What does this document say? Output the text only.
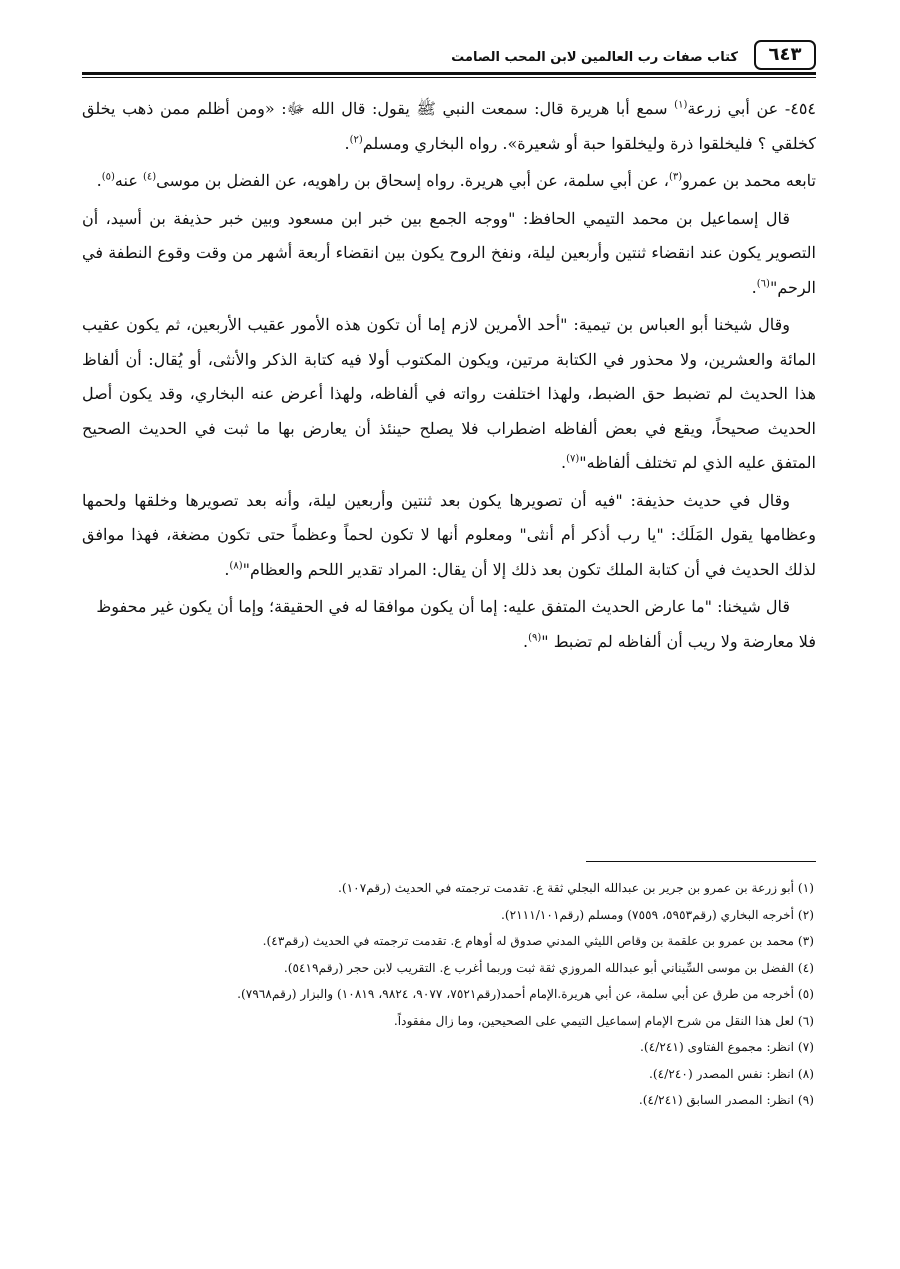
٦٤٣
كتاب صفات رب العالمين لابن المحب الصامت

٤٥٤- عن أبي زرعة$^{(١)}$ سمع أبا هريرة قال: سمعت النبي ﷺ يقول: قال الله ﷻ: «ومن أظلم ممن ذهب يخلق كخلقي ؟ فليخلقوا ذرة وليخلقوا حبة أو شعيرة». رواه البخاري ومسلم$^{(٢)}$.

تابعه محمد بن عمرو$^{(٣)}$، عن أبي سلمة، عن أبي هريرة. رواه إسحاق بن راهويه، عن الفضل بن موسى$^{(٤)}$ عنه$^{(٥)}$.

قال إسماعيل بن محمد التيمي الحافظ: "ووجه الجمع بين خبر ابن مسعود وبين خبر حذيفة بن أسيد، أن التصوير يكون عند انقضاء ثنتين وأربعين ليلة، ونفخ الروح يكون بين انقضاء أربعة أشهر من وقت وقوع النطفة في الرحم"$^{(٦)}$.

وقال شيخنا أبو العباس بن تيمية: "أحد الأمرين لازم إما أن تكون هذه الأمور عقيب الأربعين، ثم يكون عقيب المائة والعشرين، ولا محذور في الكتابة مرتين، ويكون المكتوب أولا فيه كتابة الذكر والأنثى، أو يُقال: أن ألفاظ هذا الحديث لم تضبط حق الضبط، ولهذا اختلفت رواته في ألفاظه، ولهذا أعرض عنه البخاري، وقد يكون أصل الحديث صحيحاً، ويقع في بعض ألفاظه اضطراب فلا يصلح حينئذ أن يعارض بها ما ثبت في الحديث الصحيح المتفق عليه الذي لم تختلف ألفاظه"$^{(٧)}$.

وقال في حديث حذيفة: "فيه أن تصويرها يكون بعد ثنتين وأربعين ليلة، وأنه بعد تصويرها وخلقها ولحمها وعظامها يقول المَلَك: "يا رب أذكر أم أنثى" ومعلوم أنها لا تكون لحماً وعظماً حتى تكون مضغة، فهذا موافق لذلك الحديث في أن كتابة الملك تكون بعد ذلك إلا أن يقال: المراد تقدير اللحم والعظام"$^{(٨)}$.

قال شيخنا: "ما عارض الحديث المتفق عليه: إما أن يكون موافقا له في الحقيقة؛ وإما أن يكون غير محفوظ فلا معارضة ولا ريب أن ألفاظه لم تضبط "$^{(٩)}$.

(١) أبو زرعة بن عمرو بن جرير بن عبدالله البجلي ثقة ع. تقدمت ترجمته في الحديث (رقم١٠٧).
(٢) أخرجه البخاري (رقم٥٩٥٣، ٧٥٥٩) ومسلم (رقم٢١١١/١٠١).
(٣) محمد بن عمرو بن علقمة بن وقاص الليثي المدني صدوق له أوهام ع. تقدمت ترجمته في الحديث (رقم٤٣).
(٤) الفضل بن موسى السِّيناني أبو عبدالله المروزي ثقة ثبت وربما أغرب ع. التقريب لابن حجر (رقم٥٤١٩).
(٥) أخرجه من طرق عن أبي سلمة، عن أبي هريرة.الإمام أحمد(رقم٧٥٢١، ٩٠٧٧، ٩٨٢٤، ١٠٨١٩) والبزار (رقم٧٩٦٨).
(٦) لعل هذا النقل من شرح الإمام إسماعيل التيمي على الصحيحين، وما زال مفقوداً.
(٧) انظر: مجموع الفتاوى (٤/٢٤١).
(٨) انظر: نفس المصدر (٤/٢٤٠).
(٩) انظر: المصدر السابق (٤/٢٤١).
